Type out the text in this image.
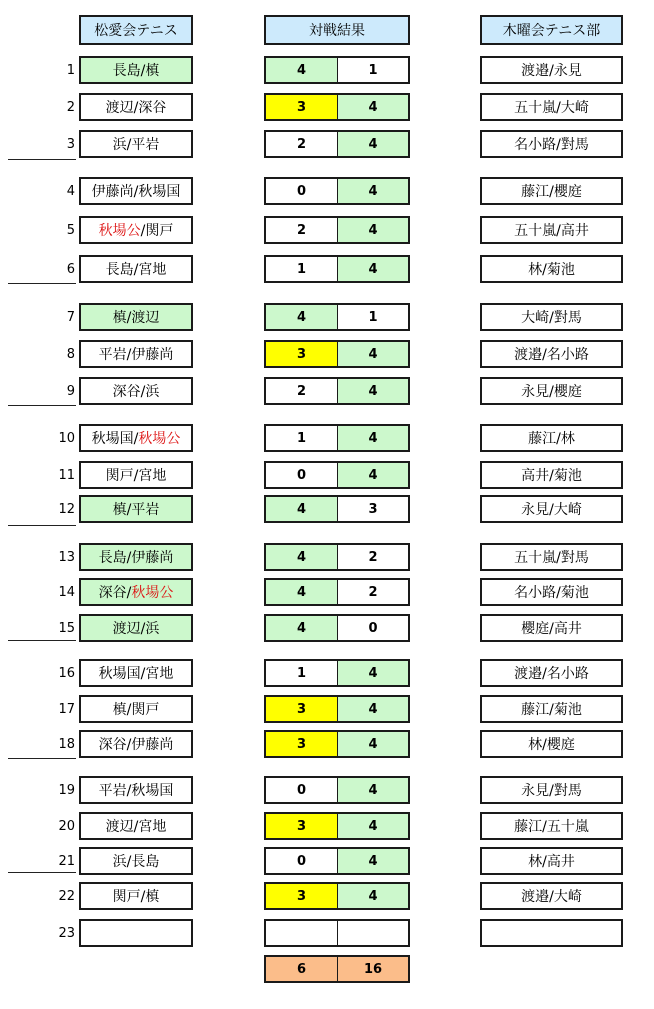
松愛会テニス	対戦結果	木曜会テニス部
1	長島/槙	4	1	渡邉/永見
2 渡辺/深谷	3	4	五十嵐/大崎
3	浜/平岩	2	4	名小路/對馬
4 伊藤尚/秋場国	0	4	藤江/櫻庭
5 秋場公 /関戸	2	4	五十嵐/高井
6 長島/宮地	1	4	林/菊池
7	槙/渡辺	4	1	大崎/對馬
8 平岩/伊藤尚	3	4	渡邉/名小路
9	深谷/浜	2	4	永見/櫻庭
10 秋場国/ 秋場公	1	4	藤江/林
11 関戸/宮地	0	4	高井/菊池
12	槙/平岩	4	3	永見/大崎
13 長島/伊藤尚	4	2	五十嵐/對馬
14 深谷/ 秋場公	4	2	名小路/菊池
15	渡辺/浜	4	0	櫻庭/高井
16 秋場国/宮地	1	4	渡邉/名小路
17	槙/関戸	3	4	藤江/菊池
18 深谷/伊藤尚	3	4	林/櫻庭
19 平岩/秋場国	0	4	永見/對馬
20 渡辺/宮地	3	4	藤江/五十嵐
21	浜/長島	0	4	林/高井
22	関戸/槙	3	4	渡邉/大崎
23
6	16
